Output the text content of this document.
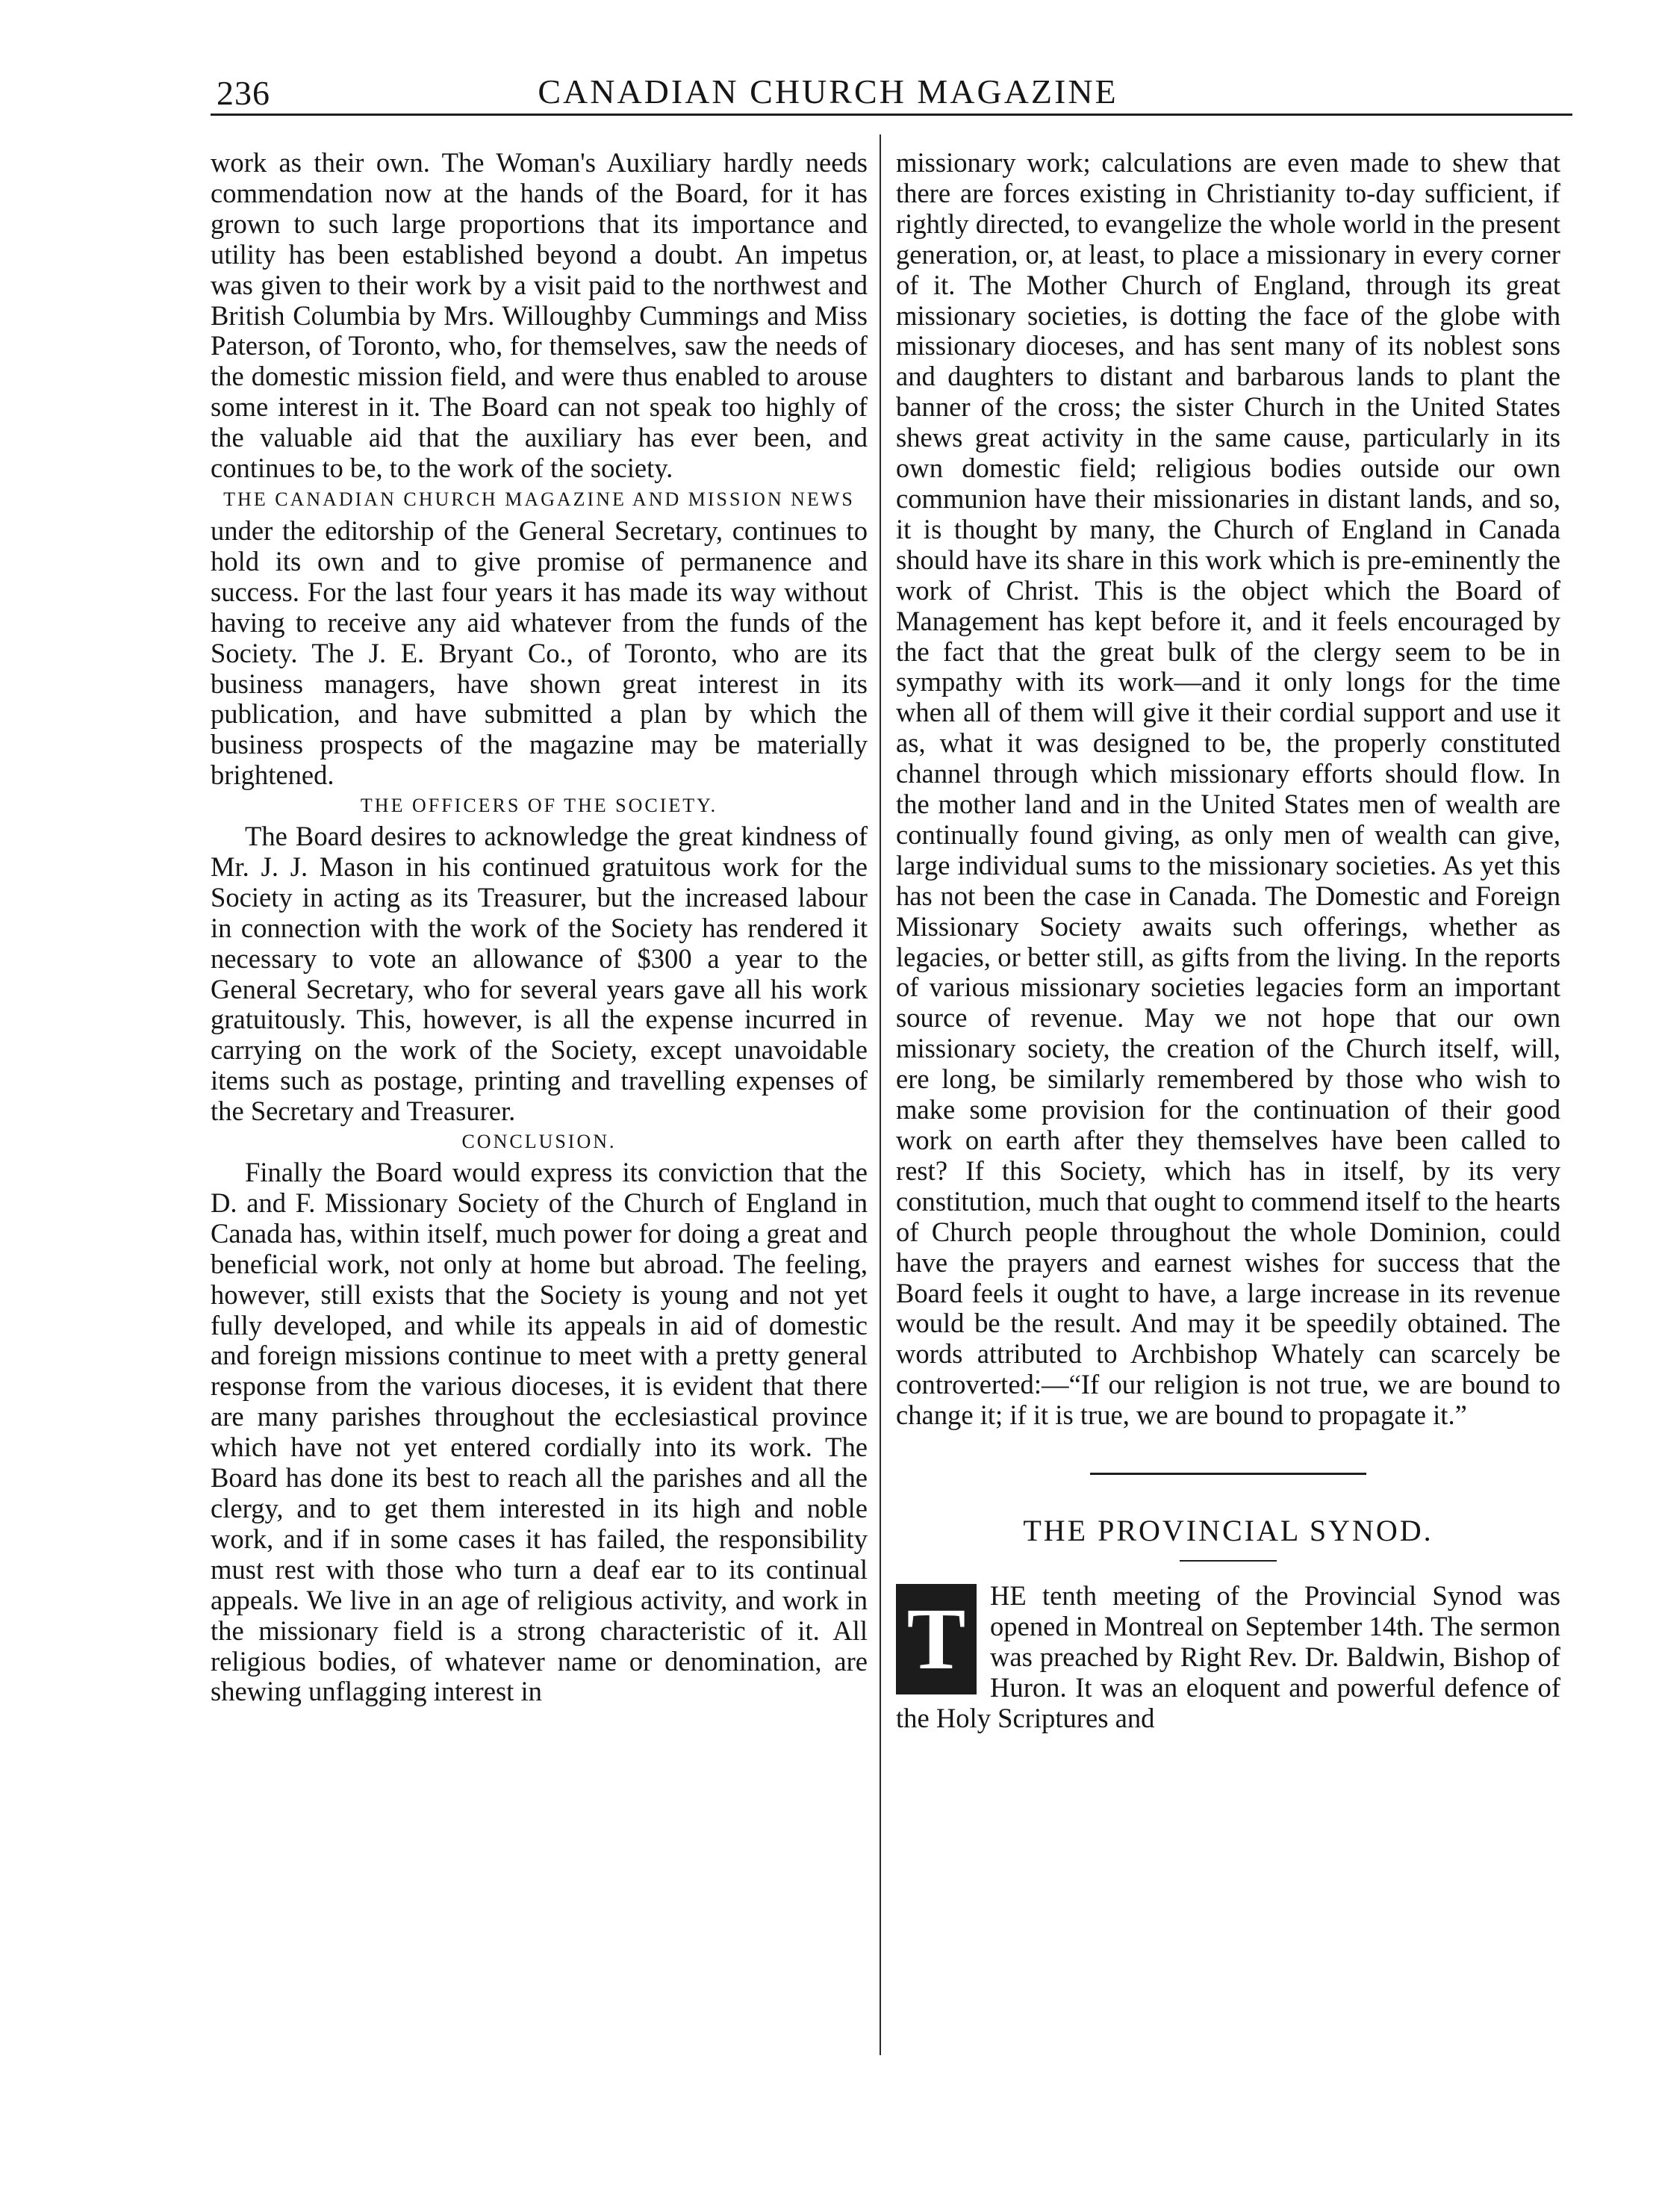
236	CANADIAN CHURCH MAGAZINE

work as their own. The Woman's Auxiliary hardly needs commendation now at the hands of the Board, for it has grown to such large proportions that its importance and utility has been established beyond a doubt. An impetus was given to their work by a visit paid to the northwest and British Columbia by Mrs. Willoughby Cummings and Miss Paterson, of Toronto, who, for themselves, saw the needs of the domestic mission field, and were thus enabled to arouse some interest in it. The Board can not speak too highly of the valuable aid that the auxiliary has ever been, and continues to be, to the work of the society.

THE CANADIAN CHURCH MAGAZINE AND MISSION NEWS

under the editorship of the General Secretary, continues to hold its own and to give promise of permanence and success. For the last four years it has made its way without having to receive any aid whatever from the funds of the Society. The J. E. Bryant Co., of Toronto, who are its business managers, have shown great interest in its publication, and have submitted a plan by which the business prospects of the magazine may be materially brightened.

THE OFFICERS OF THE SOCIETY.

The Board desires to acknowledge the great kindness of Mr. J. J. Mason in his continued gratuitous work for the Society in acting as its Treasurer, but the increased labour in connection with the work of the Society has rendered it necessary to vote an allowance of $300 a year to the General Secretary, who for several years gave all his work gratuitously. This, however, is all the expense incurred in carrying on the work of the Society, except unavoidable items such as postage, printing and travelling expenses of the Secretary and Treasurer.

CONCLUSION.

Finally the Board would express its conviction that the D. and F. Missionary Society of the Church of England in Canada has, within itself, much power for doing a great and beneficial work, not only at home but abroad. The feeling, however, still exists that the Society is young and not yet fully developed, and while its appeals in aid of domestic and foreign missions continue to meet with a pretty general response from the various dioceses, it is evident that there are many parishes throughout the ecclesiastical province which have not yet entered cordially into its work. The Board has done its best to reach all the parishes and all the clergy, and to get them interested in its high and noble work, and if in some cases it has failed, the responsibility must rest with those who turn a deaf ear to its continual appeals. We live in an age of religious activity, and work in the missionary field is a strong characteristic of it. All religious bodies, of whatever name or denomination, are shewing unflagging interest in

missionary work; calculations are even made to shew that there are forces existing in Christianity to-day sufficient, if rightly directed, to evangelize the whole world in the present generation, or, at least, to place a missionary in every corner of it. The Mother Church of England, through its great missionary societies, is dotting the face of the globe with missionary dioceses, and has sent many of its noblest sons and daughters to distant and barbarous lands to plant the banner of the cross; the sister Church in the United States shews great activity in the same cause, particularly in its own domestic field; religious bodies outside our own communion have their missionaries in distant lands, and so, it is thought by many, the Church of England in Canada should have its share in this work which is pre-eminently the work of Christ. This is the object which the Board of Management has kept before it, and it feels encouraged by the fact that the great bulk of the clergy seem to be in sympathy with its work—and it only longs for the time when all of them will give it their cordial support and use it as, what it was designed to be, the properly constituted channel through which missionary efforts should flow. In the mother land and in the United States men of wealth are continually found giving, as only men of wealth can give, large individual sums to the missionary societies. As yet this has not been the case in Canada. The Domestic and Foreign Missionary Society awaits such offerings, whether as legacies, or better still, as gifts from the living. In the reports of various missionary societies legacies form an important source of revenue. May we not hope that our own missionary society, the creation of the Church itself, will, ere long, be similarly remembered by those who wish to make some provision for the continuation of their good work on earth after they themselves have been called to rest? If this Society, which has in itself, by its very constitution, much that ought to commend itself to the hearts of Church people throughout the whole Dominion, could have the prayers and earnest wishes for success that the Board feels it ought to have, a large increase in its revenue would be the result. And may it be speedily obtained. The words attributed to Archbishop Whately can scarcely be controverted:—“If our religion is not true, we are bound to change it; if it is true, we are bound to propagate it.”

THE PROVINCIAL SYNOD.

T HE tenth meeting of the Provincial Synod was opened in Montreal on September 14th. The sermon was preached by Right Rev. Dr. Baldwin, Bishop of Huron. It was an eloquent and powerful defence of the Holy Scriptures and
